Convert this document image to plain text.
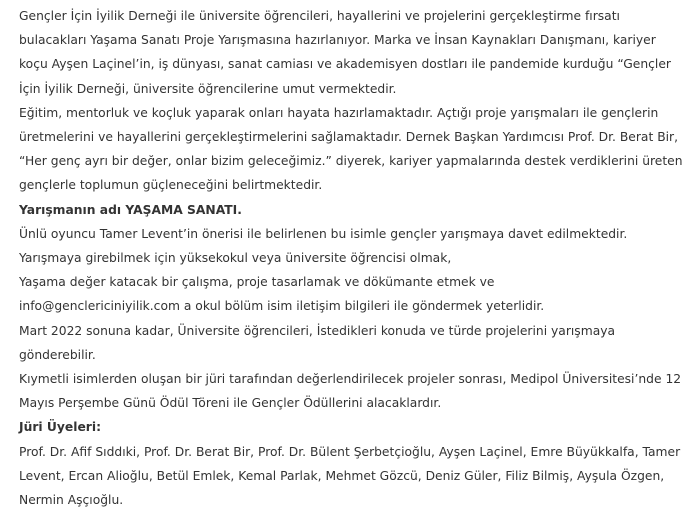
Gençler İçin İyilik Derneği ile üniversite öğrencileri, hayallerini ve projelerini gerçekleştirme fırsatı bulacakları Yaşama Sanatı Proje Yarışmasına hazırlanıyor. Marka ve İnsan Kaynakları Danışmanı, kariyer koçu Ayşen Laçinel’in, iş dünyası, sanat camiası ve akademisyen dostları ile pandemide kurduğu “Gençler İçin İyilik Derneği, üniversite öğrencilerine umut vermektedir.

Eğitim, mentorluk ve koçluk yaparak onları hayata hazırlamaktadır. Açtığı proje yarışmaları ile gençlerin üretmelerini ve hayallerini gerçekleştirmelerini sağlamaktadır. Dernek Başkan Yardımcısı Prof. Dr. Berat Bir, “Her genç ayrı bir değer, onlar bizim geleceğimiz.” diyerek, kariyer yapmalarında destek verdiklerini üreten gençlerle toplumun güçleneceğini belirtmektedir.

Yarışmanın adı YAŞAMA SANATI.

Ünlü oyuncu Tamer Levent’in önerisi ile belirlenen bu isimle gençler yarışmaya davet edilmektedir.

Yarışmaya girebilmek için yüksekokul veya üniversite öğrencisi olmak,

Yaşama değer katacak bir çalışma, proje tasarlamak ve dökümante etmek ve

info@genclericiniyilik.com a okul bölüm isim iletişim bilgileri ile göndermek yeterlidir.

Mart 2022 sonuna kadar, Üniversite öğrencileri, İstedikleri konuda ve türde projelerini yarışmaya gönderebilir.

Kıymetli isimlerden oluşan bir jüri tarafından değerlendirilecek projeler sonrası, Medipol Üniversitesi’nde 12 Mayıs Perşembe Günü Ödül Töreni ile Gençler Ödüllerini alacaklardır.

Jüri Üyeleri:

Prof. Dr. Afif Sıddıki, Prof. Dr. Berat Bir, Prof. Dr. Bülent Şerbetçioğlu, Ayşen Laçinel, Emre Büyükkalfa, Tamer Levent, Ercan Alioğlu, Betül Emlek, Kemal Parlak, Mehmet Gözcü, Deniz Güler, Filiz Bilmiş, Ayşula Özgen, Nermin Aşçıoğlu.
